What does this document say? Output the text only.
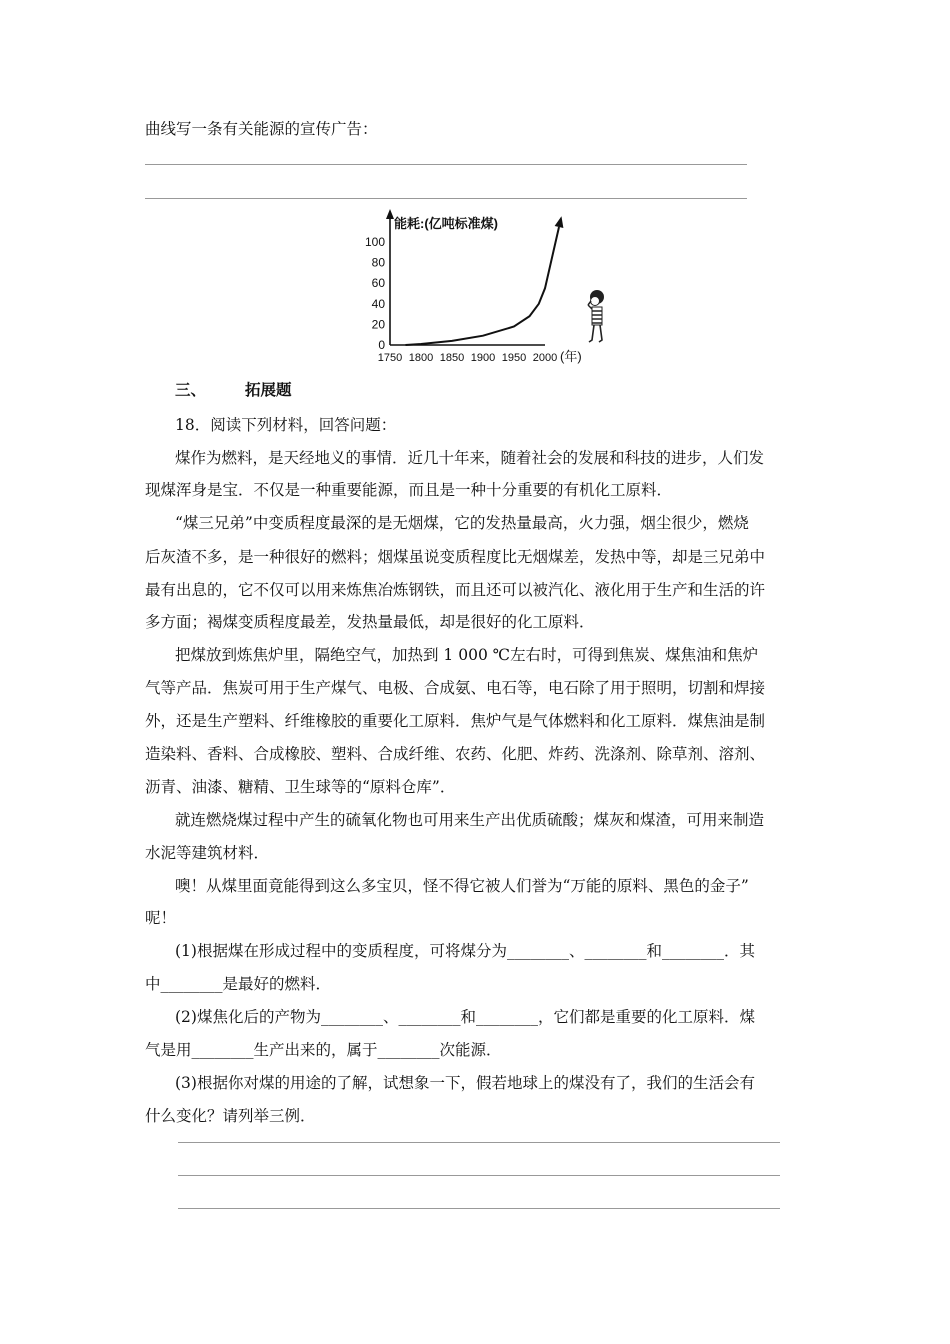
曲线写一条有关能源的宣传广告：
能耗:(亿吨标准煤)
100
80
60
40
20
0
1750 1800 1850 1900 1950 2000 (年)
三、	拓展题
18．阅读下列材料，回答问题：
煤作为燃料，是天经地义的事情．近几十年来，随着社会的发展和科技的进步，人们发
现煤浑身是宝．不仅是一种重要能源，而且是一种十分重要的有机化工原料．
“煤三兄弟”中变质程度最深的是无烟煤，它的发热量最高，火力强，烟尘很少，燃烧
后灰渣不多，是一种很好的燃料；烟煤虽说变质程度比无烟煤差，发热中等，却是三兄弟中
最有出息的，它不仅可以用来炼焦冶炼钢铁，而且还可以被汽化、液化用于生产和生活的许
多方面；褐煤变质程度最差，发热量最低，却是很好的化工原料．
把煤放到炼焦炉里，隔绝空气，加热到 1 000 ℃左右时，可得到焦炭、煤焦油和焦炉
气等产品．焦炭可用于生产煤气、电极、合成氨、电石等，电石除了用于照明，切割和焊接
外，还是生产塑料、纤维橡胶的重要化工原料．焦炉气是气体燃料和化工原料．煤焦油是制
造染料、香料、合成橡胶、塑料、合成纤维、农药、化肥、炸药、洗涤剂、除草剂、溶剂、
沥青、油漆、糖精、卫生球等的“原料仓库”．
就连燃烧煤过程中产生的硫氧化物也可用来生产出优质硫酸；煤灰和煤渣，可用来制造
水泥等建筑材料．
噢！从煤里面竟能得到这么多宝贝，怪不得它被人们誉为“万能的原料、黑色的金子”
呢！
(1)根据煤在形成过程中的变质程度，可将煤分为________、________和________．其
中________是最好的燃料．
(2)煤焦化后的产物为________、________和________，它们都是重要的化工原料．煤
气是用________生产出来的，属于________次能源．
(3)根据你对煤的用途的了解，试想象一下，假若地球上的煤没有了，我们的生活会有
什么变化？请列举三例．
